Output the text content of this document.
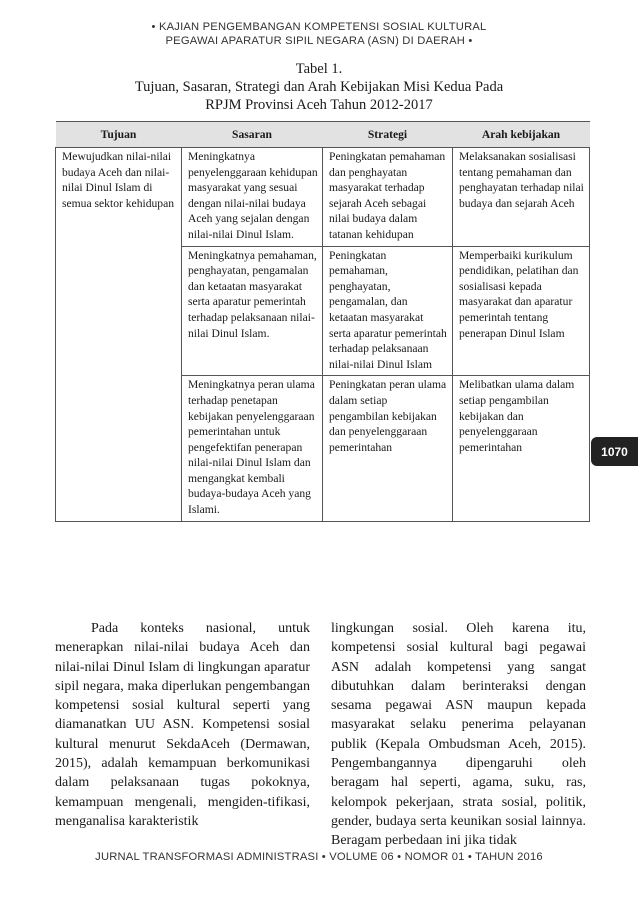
• KAJIAN PENGEMBANGAN KOMPETENSI SOSIAL KULTURAL
PEGAWAI APARATUR SIPIL NEGARA (ASN) DI DAERAH •
Tabel 1.
Tujuan, Sasaran, Strategi dan Arah Kebijakan Misi Kedua Pada
RPJM Provinsi Aceh Tahun 2012-2017
Tujuan	Sasaran	Strategi	Arah kebijakan
Mewujudkan nilai-nilai budaya Aceh dan nilai-nilai Dinul Islam di semua sektor kehidupan	Meningkatnya penyelenggaraan kehidupan masyarakat yang sesuai dengan nilai-nilai budaya Aceh yang sejalan dengan nilai-nilai Dinul Islam.	Peningkatan pemahaman dan penghayatan masyarakat terhadap sejarah Aceh sebagai nilai budaya dalam tatanan kehidupan	Melaksanakan sosialisasi tentang pemahaman dan penghayatan terhadap nilai budaya dan sejarah Aceh
	Meningkatnya pemahaman, penghayatan, pengamalan dan ketaatan masyarakat serta aparatur pemerintah terhadap pelaksanaan nilai-nilai Dinul Islam.	Peningkatan pemahaman, penghayatan, pengamalan, dan ketaatan masyarakat serta aparatur pemerintah terhadap pelaksanaan nilai-nilai Dinul Islam	Memperbaiki kurikulum pendidikan, pelatihan dan sosialisasi kepada masyarakat dan aparatur pemerintah tentang penerapan Dinul Islam
	Meningkatnya peran ulama terhadap penetapan kebijakan penyelenggaraan pemerintahan untuk pengefektifan penerapan nilai-nilai Dinul Islam dan mengangkat kembali budaya-budaya Aceh yang Islami.	Peningkatan peran ulama dalam setiap pengambilan kebijakan dan penyelenggaraan pemerintahan	Melibatkan ulama dalam setiap pengambilan kebijakan dan penyelenggaraan pemerintahan	1070

Pada konteks nasional, untuk menerapkan nilai-nilai budaya Aceh dan nilai-nilai Dinul Islam di lingkungan aparatur sipil negara, maka diperlukan pengembangan kompetensi sosial kultural seperti yang diamanatkan UU ASN. Kompetensi sosial kultural menurut SekdaAceh (Dermawan, 2015), adalah kemampuan berkomunikasi dalam pelaksanaan tugas pokoknya, kemampuan mengenali, mengiden-tifikasi, menganalisa karakteristik

lingkungan sosial. Oleh karena itu, kompetensi sosial kultural bagi pegawai ASN adalah kompetensi yang sangat dibutuhkan dalam berinteraksi dengan sesama pegawai ASN maupun kepada masyarakat selaku penerima pelayanan publik (Kepala Ombudsman Aceh, 2015). Pengembangannya dipengaruhi oleh beragam hal seperti, agama, suku, ras, kelompok pekerjaan, strata sosial, politik, gender, budaya serta keunikan sosial lainnya. Beragam perbedaan ini jika tidak

JURNAL TRANSFORMASI ADMINISTRASI • VOLUME 06 • NOMOR 01 • TAHUN 2016
